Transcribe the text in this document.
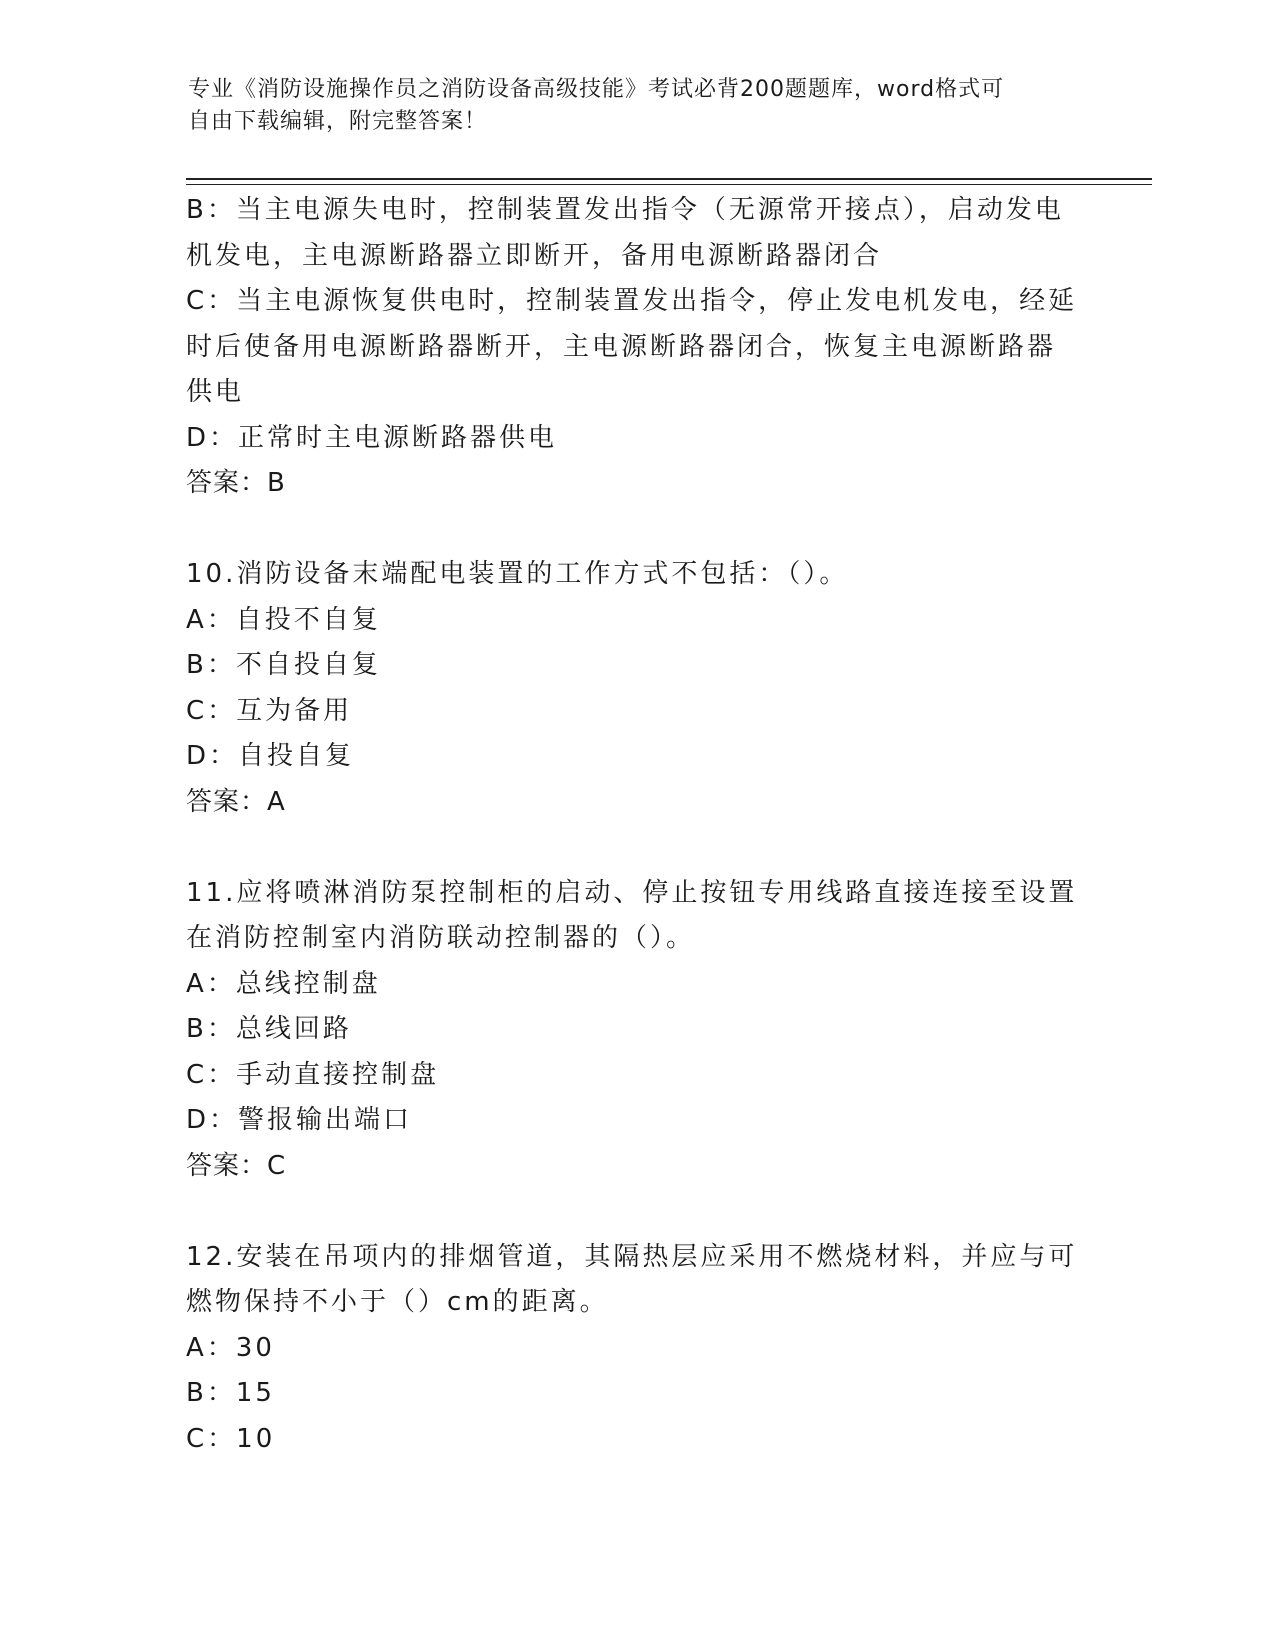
专业《消防设施操作员之消防设备高级技能》考试必背200题题库，word格式可
自由下载编辑，附完整答案！
B：当主电源失电时，控制装置发出指令（无源常开接点），启动发电
机发电，主电源断路器立即断开，备用电源断路器闭合
C：当主电源恢复供电时，控制装置发出指令，停止发电机发电，经延
时后使备用电源断路器断开，主电源断路器闭合，恢复主电源断路器
供电
D：正常时主电源断路器供电
答案：B
10.消防设备末端配电装置的工作方式不包括：（）。
A：自投不自复
B：不自投自复
C：互为备用
D：自投自复
答案：A
11.应将喷淋消防泵控制柜的启动、停止按钮专用线路直接连接至设置
在消防控制室内消防联动控制器的（）。
A：总线控制盘
B：总线回路
C：手动直接控制盘
D：警报输出端口
答案：C
12.安装在吊项内的排烟管道，其隔热层应采用不燃烧材料，并应与可
燃物保持不小于（）cm的距离。
A：30
B：15
C：10
